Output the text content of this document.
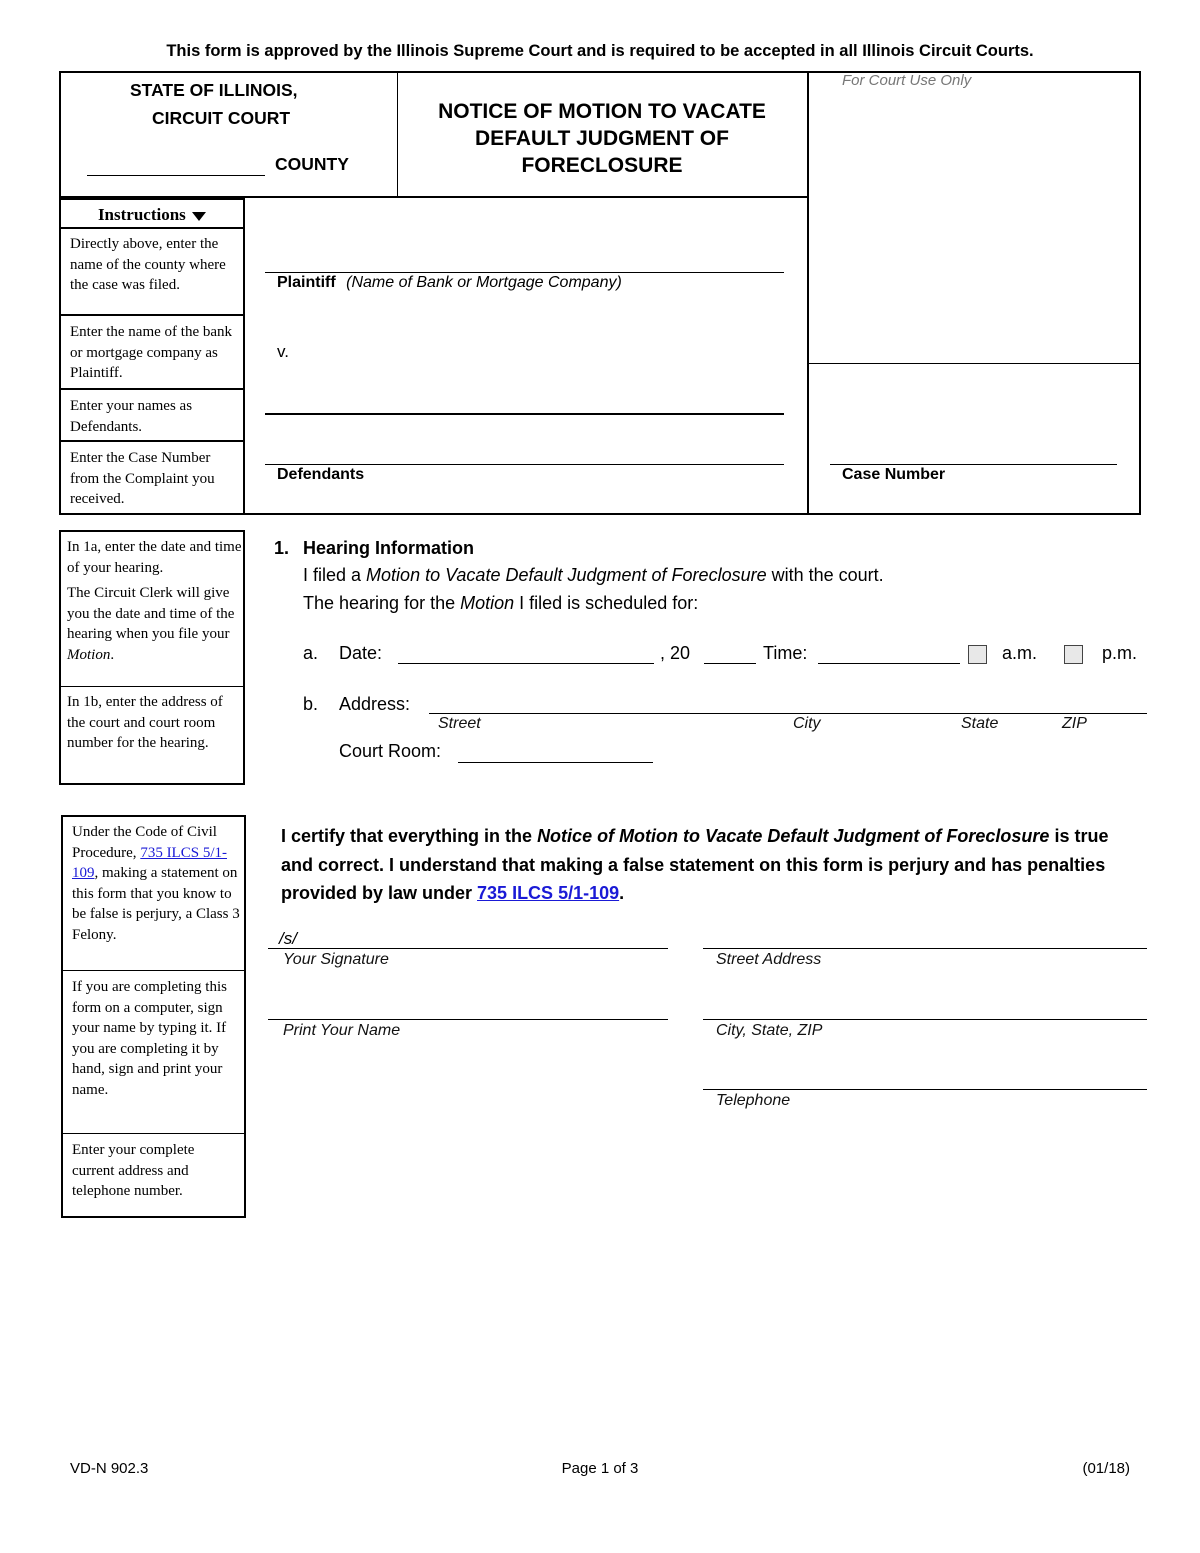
This form is approved by the Illinois Supreme Court and is required to be accepted in all Illinois Circuit Courts.
STATE OF ILLINOIS,
CIRCUIT COURT
COUNTY
NOTICE OF MOTION TO VACATE
DEFAULT JUDGMENT OF
FORECLOSURE
For Court Use Only
Instructions
Directly above, enter the name of the county where the case was filed.
Enter the name of the bank or mortgage company as Plaintiff.
Enter your names as Defendants.
Enter the Case Number from the Complaint you received.
Plaintiff (Name of Bank or Mortgage Company)
v.
Defendants	Case Number
In 1a, enter the date and time of your hearing.
The Circuit Clerk will give you the date and time of the hearing when you file your Motion.
In 1b, enter the address of the court and court room number for the hearing.
1. Hearing Information
I filed a Motion to Vacate Default Judgment of Foreclosure with the court.
The hearing for the Motion I filed is scheduled for:
a. Date:	, 20	Time:	a.m.	p.m.
b. Address:
Street	City	State	ZIP
Court Room:
Under the Code of Civil Procedure, 735 ILCS 5/1-109, making a statement on this form that you know to be false is perjury, a Class 3 Felony.
If you are completing this form on a computer, sign your name by typing it. If you are completing it by hand, sign and print your name.
Enter your complete current address and telephone number.
I certify that everything in the Notice of Motion to Vacate Default Judgment of Foreclosure is true and correct. I understand that making a false statement on this form is perjury and has penalties provided by law under 735 ILCS 5/1-109.
/s/
Your Signature	Street Address
Print Your Name	City, State, ZIP
Telephone
VD-N 902.3	Page 1 of 3	(01/18)
